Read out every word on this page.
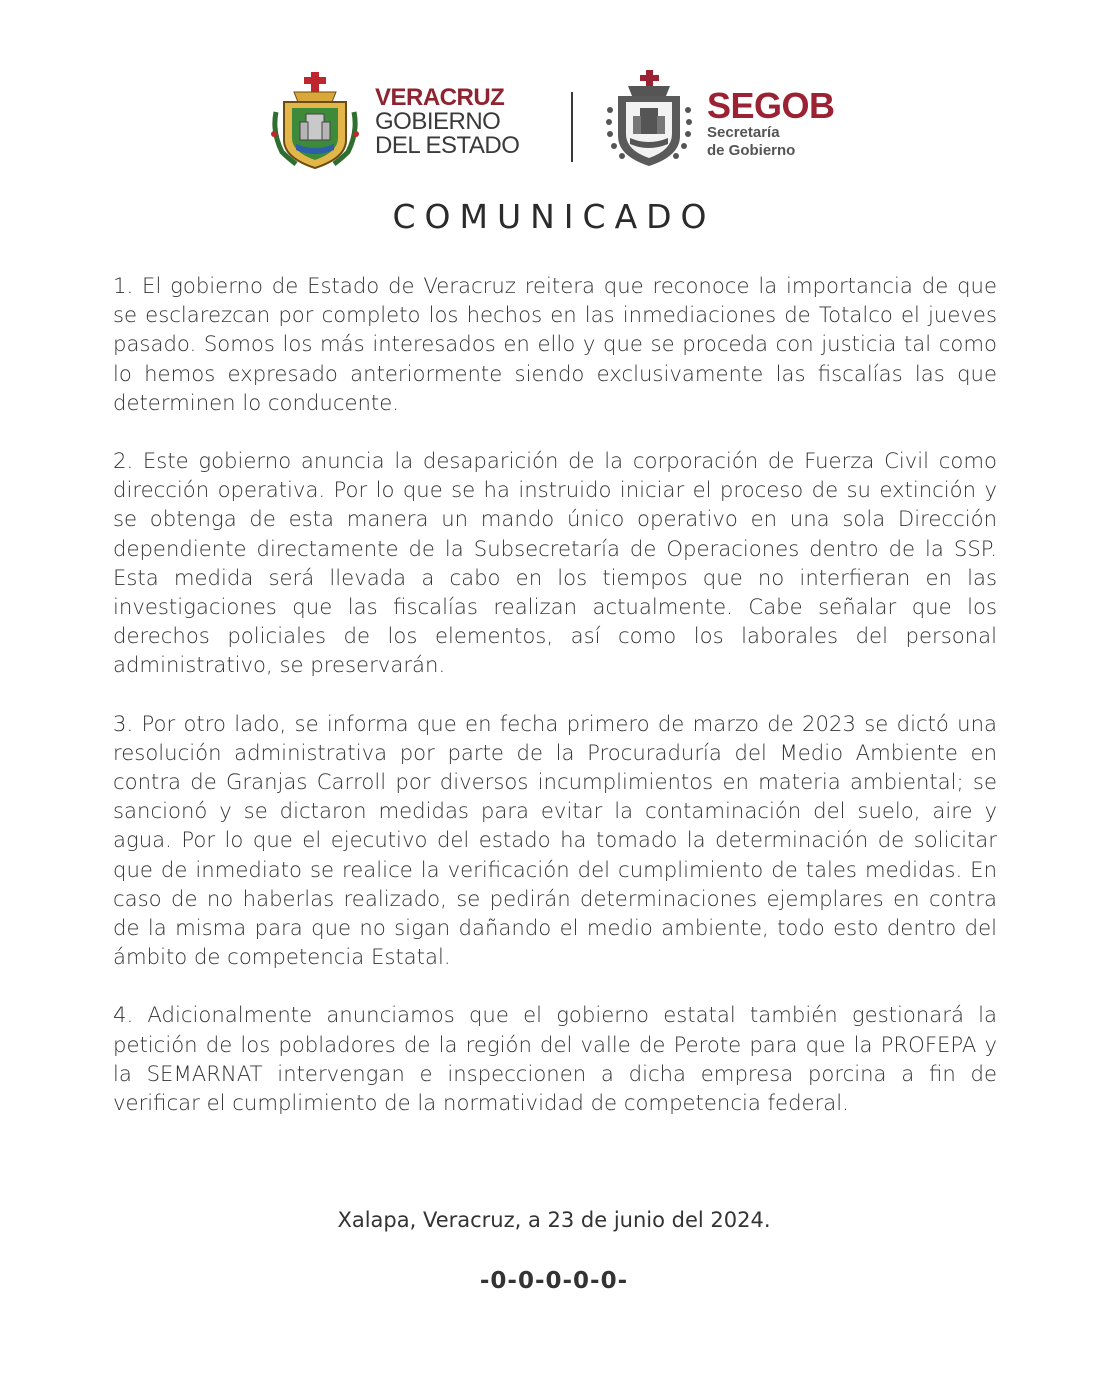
VERACRUZ
GOBIERNO
DEL ESTADO
SEGOB
Secretaría
de Gobierno
COMUNICADO

1. El gobierno de Estado de Veracruz reitera que reconoce la importancia de que se esclarezcan por completo los hechos en las inmediaciones de Totalco el jueves pasado. Somos los más interesados en ello y que se proceda con justicia tal como lo hemos expresado anteriormente siendo exclusivamente las fiscalías las que determinen lo conducente.

2. Este gobierno anuncia la desaparición de la corporación de Fuerza Civil como dirección operativa. Por lo que se ha instruido iniciar el proceso de su extinción y se obtenga de esta manera un mando único operativo en una sola Dirección dependiente directamente de la Subsecretaría de Operaciones dentro de la SSP. Esta medida será llevada a cabo en los tiempos que no interfieran en las investigaciones que las fiscalías realizan actualmente. Cabe señalar que los derechos policiales de los elementos, así como los laborales del personal administrativo, se preservarán.

3. Por otro lado, se informa que en fecha primero de marzo de 2023 se dictó una resolución administrativa por parte de la Procuraduría del Medio Ambiente en contra de Granjas Carroll por diversos incumplimientos en materia ambiental; se sancionó y se dictaron medidas para evitar la contaminación del suelo, aire y agua. Por lo que el ejecutivo del estado ha tomado la determinación de solicitar que de inmediato se realice la verificación del cumplimiento de tales medidas. En caso de no haberlas realizado, se pedirán determinaciones ejemplares en contra de la misma para que no sigan dañando el medio ambiente, todo esto dentro del ámbito de competencia Estatal.

4. Adicionalmente anunciamos que el gobierno estatal también gestionará la petición de los pobladores de la región del valle de Perote para que la PROFEPA y la SEMARNAT intervengan e inspeccionen a dicha empresa porcina a fin de verificar el cumplimiento de la normatividad de competencia federal.

Xalapa, Veracruz, a 23 de junio del 2024.
-0-0-0-0-0-
